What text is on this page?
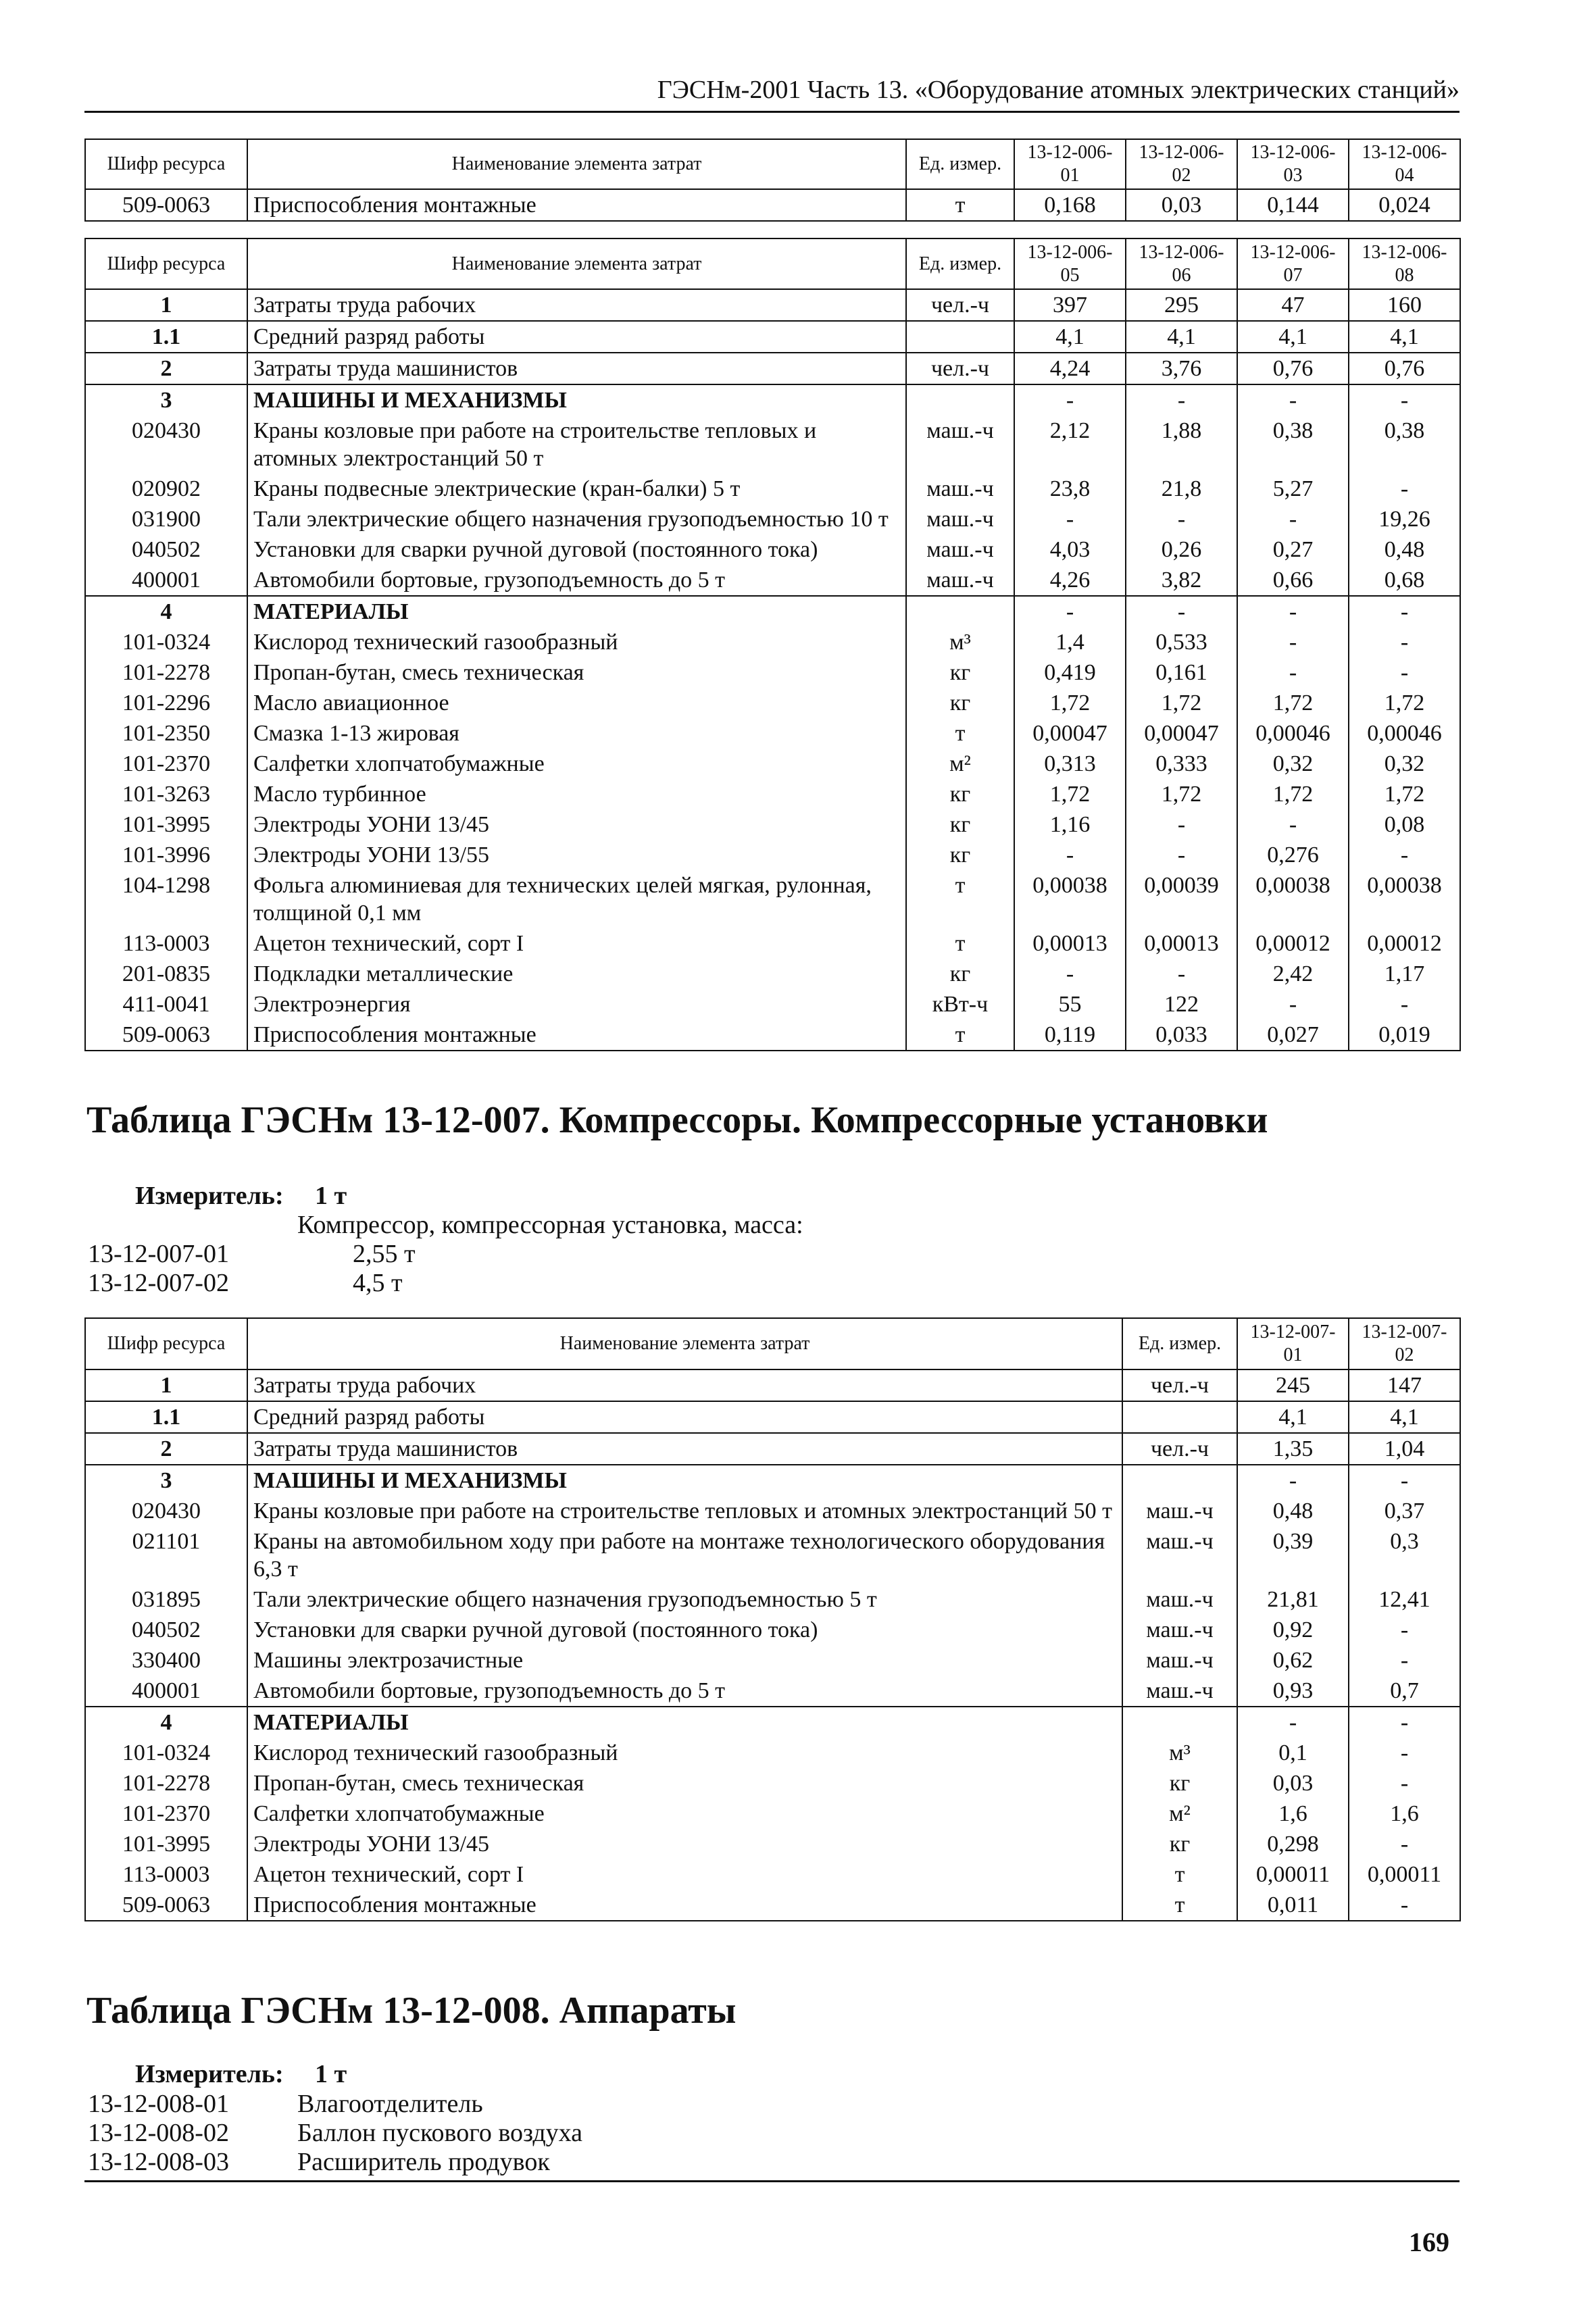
ГЭСНм-2001 Часть 13. «Оборудование атомных электрических станций»
Шифр ресурса	Наименование элемента затрат	Ед. измер.	13-12-006-01	13-12-006-02	13-12-006-03	13-12-006-04
509-0063	Приспособления монтажные	т	0,168	0,03	0,144	0,024
Шифр ресурса	Наименование элемента затрат	Ед. измер.	13-12-006-05	13-12-006-06	13-12-006-07	13-12-006-08
1	Затраты труда рабочих	чел.-ч	397	295	47	160
1.1	Средний разряд работы		4,1	4,1	4,1	4,1
2	Затраты труда машинистов	чел.-ч	4,24	3,76	0,76	0,76
3	МАШИНЫ И МЕХАНИЗМЫ		-	-	-	-
020430	Краны козловые при работе на строительстве тепловых и атомных электростанций 50 т	маш.-ч	2,12	1,88	0,38	0,38
020902	Краны подвесные электрические (кран-балки) 5 т	маш.-ч	23,8	21,8	5,27	-
031900	Тали электрические общего назначения грузоподъемностью 10 т	маш.-ч	-	-	-	19,26
040502	Установки для сварки ручной дуговой (постоянного тока)	маш.-ч	4,03	0,26	0,27	0,48
400001	Автомобили бортовые, грузоподъемность до 5 т	маш.-ч	4,26	3,82	0,66	0,68
4	МАТЕРИАЛЫ		-	-	-	-
101-0324	Кислород технический газообразный	м³	1,4	0,533	-	-
101-2278	Пропан-бутан, смесь техническая	кг	0,419	0,161	-	-
101-2296	Масло авиационное	кг	1,72	1,72	1,72	1,72
101-2350	Смазка 1-13 жировая	т	0,00047	0,00047	0,00046	0,00046
101-2370	Салфетки хлопчатобумажные	м²	0,313	0,333	0,32	0,32
101-3263	Масло турбинное	кг	1,72	1,72	1,72	1,72
101-3995	Электроды УОНИ 13/45	кг	1,16	-	-	0,08
101-3996	Электроды УОНИ 13/55	кг	-	-	0,276	-
104-1298	Фольга алюминиевая для технических целей мягкая, рулонная, толщиной 0,1 мм	т	0,00038	0,00039	0,00038	0,00038
113-0003	Ацетон технический, сорт I	т	0,00013	0,00013	0,00012	0,00012
201-0835	Подкладки металлические	кг	-	-	2,42	1,17
411-0041	Электроэнергия	кВт-ч	55	122	-	-
509-0063	Приспособления монтажные	т	0,119	0,033	0,027	0,019
Таблица ГЭСНм 13-12-007. Компрессоры. Компрессорные установки
Измеритель: 1 т
Компрессор, компрессорная установка, масса:
13-12-007-01	2,55 т
13-12-007-02	4,5 т
Шифр ресурса	Наименование элемента затрат	Ед. измер.	13-12-007-01	13-12-007-02
1	Затраты труда рабочих	чел.-ч	245	147
1.1	Средний разряд работы		4,1	4,1
2	Затраты труда машинистов	чел.-ч	1,35	1,04
3	МАШИНЫ И МЕХАНИЗМЫ		-	-
020430	Краны козловые при работе на строительстве тепловых и атомных электростанций 50 т	маш.-ч	0,48	0,37
021101	Краны на автомобильном ходу при работе на монтаже технологического оборудования 6,3 т	маш.-ч	0,39	0,3
031895	Тали электрические общего назначения грузоподъемностью 5 т	маш.-ч	21,81	12,41
040502	Установки для сварки ручной дуговой (постоянного тока)	маш.-ч	0,92	-
330400	Машины электрозачистные	маш.-ч	0,62	-
400001	Автомобили бортовые, грузоподъемность до 5 т	маш.-ч	0,93	0,7
4	МАТЕРИАЛЫ		-	-
101-0324	Кислород технический газообразный	м³	0,1	-
101-2278	Пропан-бутан, смесь техническая	кг	0,03	-
101-2370	Салфетки хлопчатобумажные	м²	1,6	1,6
101-3995	Электроды УОНИ 13/45	кг	0,298	-
113-0003	Ацетон технический, сорт I	т	0,00011	0,00011
509-0063	Приспособления монтажные	т	0,011	-
Таблица ГЭСНм 13-12-008. Аппараты
Измеритель: 1 т
13-12-008-01	Влагоотделитель
13-12-008-02	Баллон пускового воздуха
13-12-008-03	Расширитель продувок
169
